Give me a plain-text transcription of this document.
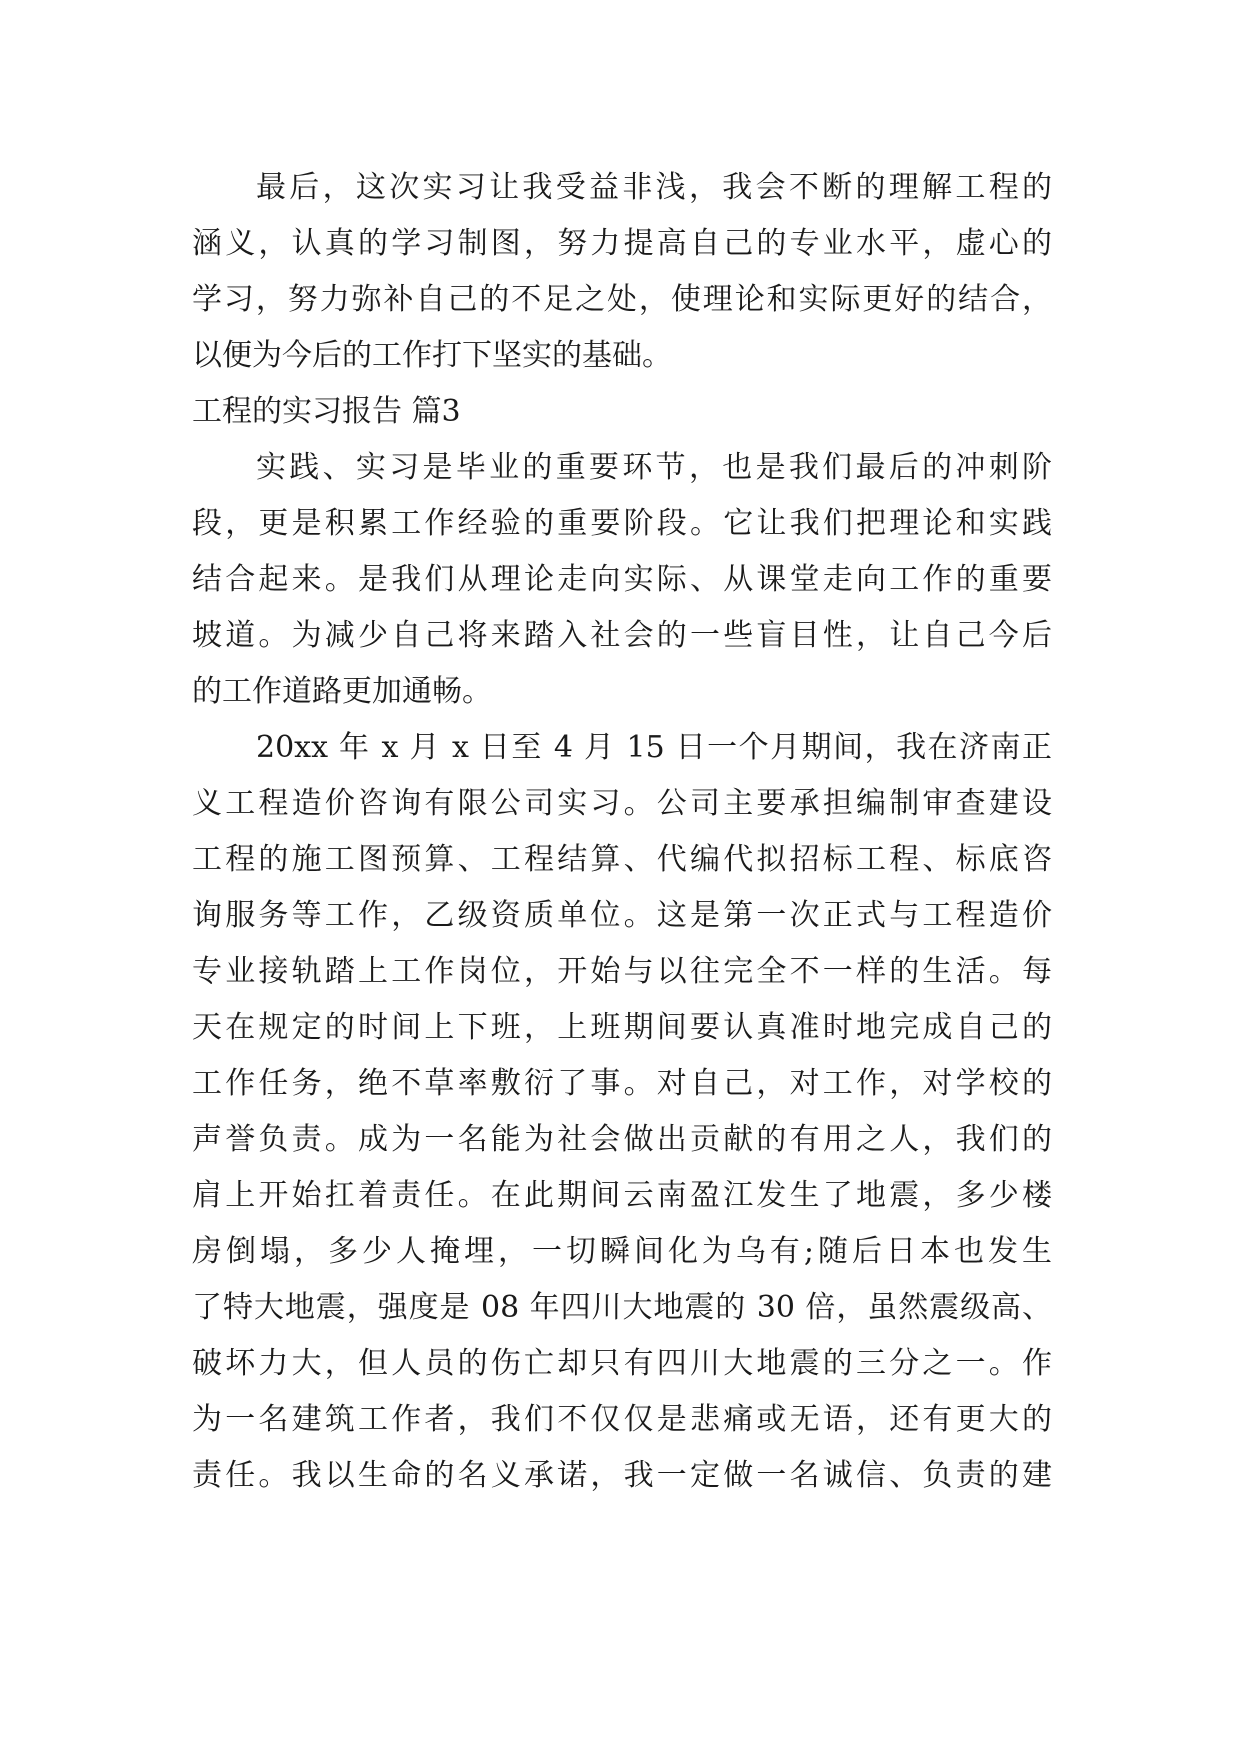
最后，这次实习让我受益非浅，我会不断的理解工程的
涵义，认真的学习制图，努力提高自己的专业水平，虚心的
学习，努力弥补自己的不足之处，使理论和实际更好的结合，
以便为今后的工作打下坚实的基础。
工程的实习报告 篇3
实践、实习是毕业的重要环节，也是我们最后的冲刺阶
段，更是积累工作经验的重要阶段。它让我们把理论和实践
结合起来。是我们从理论走向实际、从课堂走向工作的重要
坡道。为减少自己将来踏入社会的一些盲目性，让自己今后
的工作道路更加通畅。
20xx 年 x 月 x 日至 4 月 15 日一个月期间，我在济南正
义工程造价咨询有限公司实习。公司主要承担编制审查建设
工程的施工图预算、工程结算、代编代拟招标工程、标底咨
询服务等工作，乙级资质单位。这是第一次正式与工程造价
专业接轨踏上工作岗位，开始与以往完全不一样的生活。每
天在规定的时间上下班，上班期间要认真准时地完成自己的
工作任务，绝不草率敷衍了事。对自己，对工作，对学校的
声誉负责。成为一名能为社会做出贡献的有用之人，我们的
肩上开始扛着责任。在此期间云南盈江发生了地震，多少楼
房倒塌，多少人掩埋，一切瞬间化为乌有;随后日本也发生
了特大地震，强度是 08 年四川大地震的 30 倍，虽然震级高、
破坏力大，但人员的伤亡却只有四川大地震的三分之一。作
为一名建筑工作者，我们不仅仅是悲痛或无语，还有更大的
责任。我以生命的名义承诺，我一定做一名诚信、负责的建
